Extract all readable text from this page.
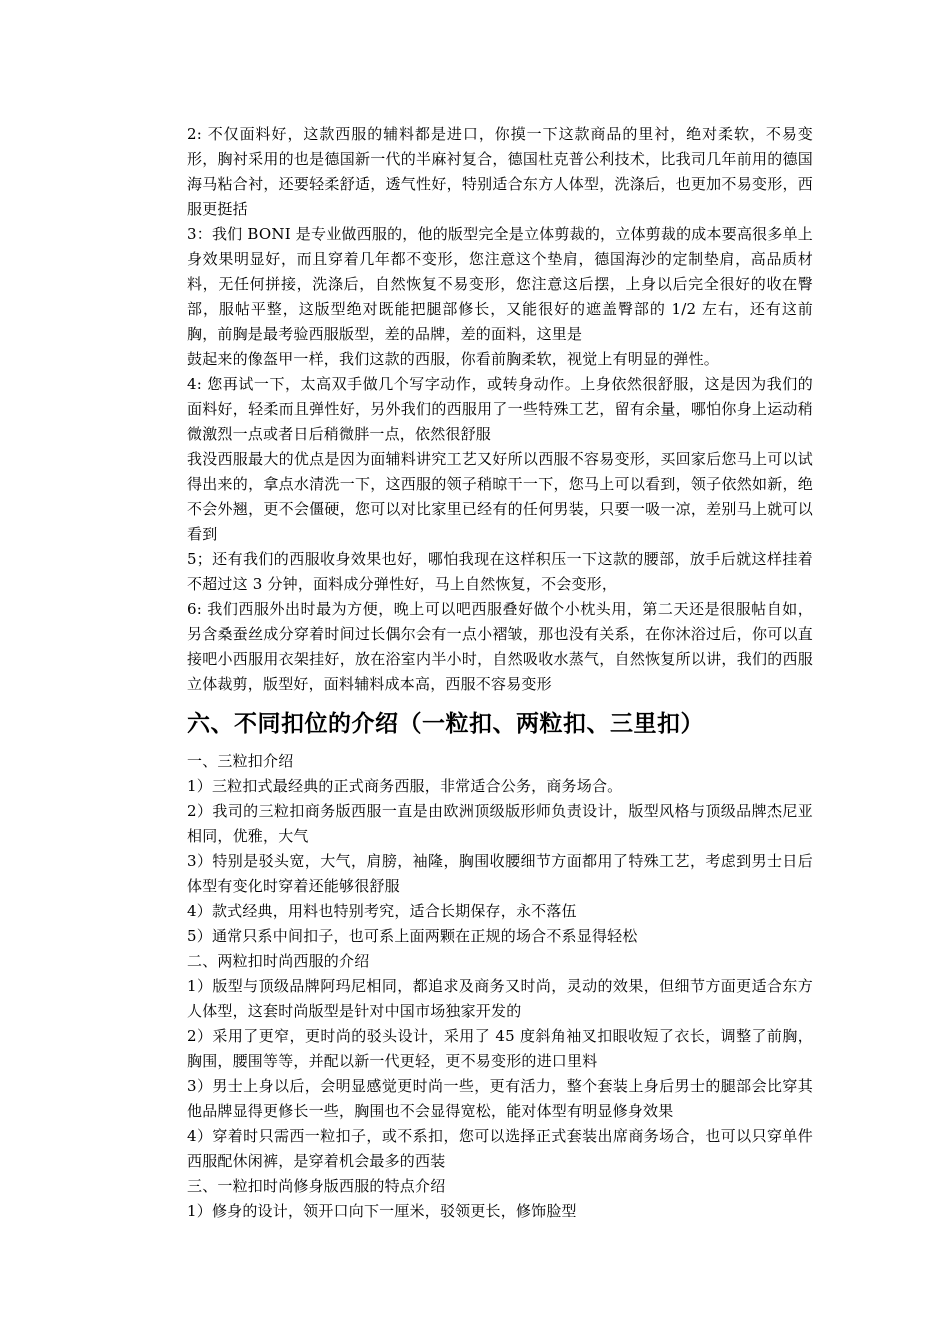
2: 不仅面料好，这款西服的辅料都是进口，你摸一下这款商品的里衬，绝对柔软，不易变形，胸衬采用的也是德国新一代的半麻衬复合，德国杜克普公利技术，比我司几年前用的德国海马粘合衬，还要轻柔舒适，透气性好，特别适合东方人体型，洗涤后，也更加不易变形，西服更挺括

3：我们 BONI 是专业做西服的，他的版型完全是立体剪裁的，立体剪裁的成本要高很多单上身效果明显好，而且穿着几年都不变形，您注意这个垫肩，德国海沙的定制垫肩，高品质材料，无任何拼接，洗涤后，自然恢复不易变形，您注意这后摆，上身以后完全很好的收在臀部，服帖平整，这版型绝对既能把腿部修长，又能很好的遮盖臀部的 1/2 左右，还有这前胸，前胸是最考验西服版型，差的品牌，差的面料，这里是

鼓起来的像盔甲一样，我们这款的西服，你看前胸柔软，视觉上有明显的弹性。

4: 您再试一下，太高双手做几个写字动作，或转身动作。上身依然很舒服，这是因为我们的面料好，轻柔而且弹性好，另外我们的西服用了一些特殊工艺，留有余量，哪怕你身上运动稍微激烈一点或者日后稍微胖一点，依然很舒服

我没西服最大的优点是因为面辅料讲究工艺又好所以西服不容易变形，买回家后您马上可以试得出来的，拿点水清洗一下，这西服的领子稍晾干一下，您马上可以看到，领子依然如新，绝不会外翘，更不会僵硬，您可以对比家里已经有的任何男装，只要一吸一凉，差别马上就可以看到

5；还有我们的西服收身效果也好，哪怕我现在这样积压一下这款的腰部，放手后就这样挂着不超过这 3 分钟，面料成分弹性好，马上自然恢复，不会变形，

6: 我们西服外出时最为方便，晚上可以吧西服叠好做个小枕头用，第二天还是很服帖自如，另含桑蚕丝成分穿着时间过长偶尔会有一点小褶皱，那也没有关系，在你沐浴过后，你可以直接吧小西服用衣架挂好，放在浴室内半小时，自然吸收水蒸气，自然恢复所以讲，我们的西服立体裁剪，版型好，面料辅料成本高，西服不容易变形

六、不同扣位的介绍（一粒扣、两粒扣、三里扣）

一、三粒扣介绍

1）三粒扣式最经典的正式商务西服，非常适合公务，商务场合。

2）我司的三粒扣商务版西服一直是由欧洲顶级版形师负责设计，版型风格与顶级品牌杰尼亚相同，优雅，大气

3）特别是驳头宽，大气，肩膀，袖隆，胸围收腰细节方面都用了特殊工艺，考虑到男士日后体型有变化时穿着还能够很舒服

4）款式经典，用料也特别考究，适合长期保存，永不落伍

5）通常只系中间扣子，也可系上面两颗在正规的场合不系显得轻松

二、两粒扣时尚西服的介绍

1）版型与顶级品牌阿玛尼相同，都追求及商务又时尚，灵动的效果，但细节方面更适合东方人体型，这套时尚版型是针对中国市场独家开发的

2）采用了更窄，更时尚的驳头设计，采用了 45 度斜角袖叉扣眼收短了衣长，调整了前胸，胸围，腰围等等，并配以新一代更轻，更不易变形的进口里料

3）男士上身以后，会明显感觉更时尚一些，更有活力，整个套装上身后男士的腿部会比穿其他品牌显得更修长一些，胸围也不会显得宽松，能对体型有明显修身效果

4）穿着时只需西一粒扣子，或不系扣，您可以选择正式套装出席商务场合，也可以只穿单件西服配休闲裤，是穿着机会最多的西装

三、一粒扣时尚修身版西服的特点介绍

1）修身的设计，领开口向下一厘米，驳领更长，修饰脸型
